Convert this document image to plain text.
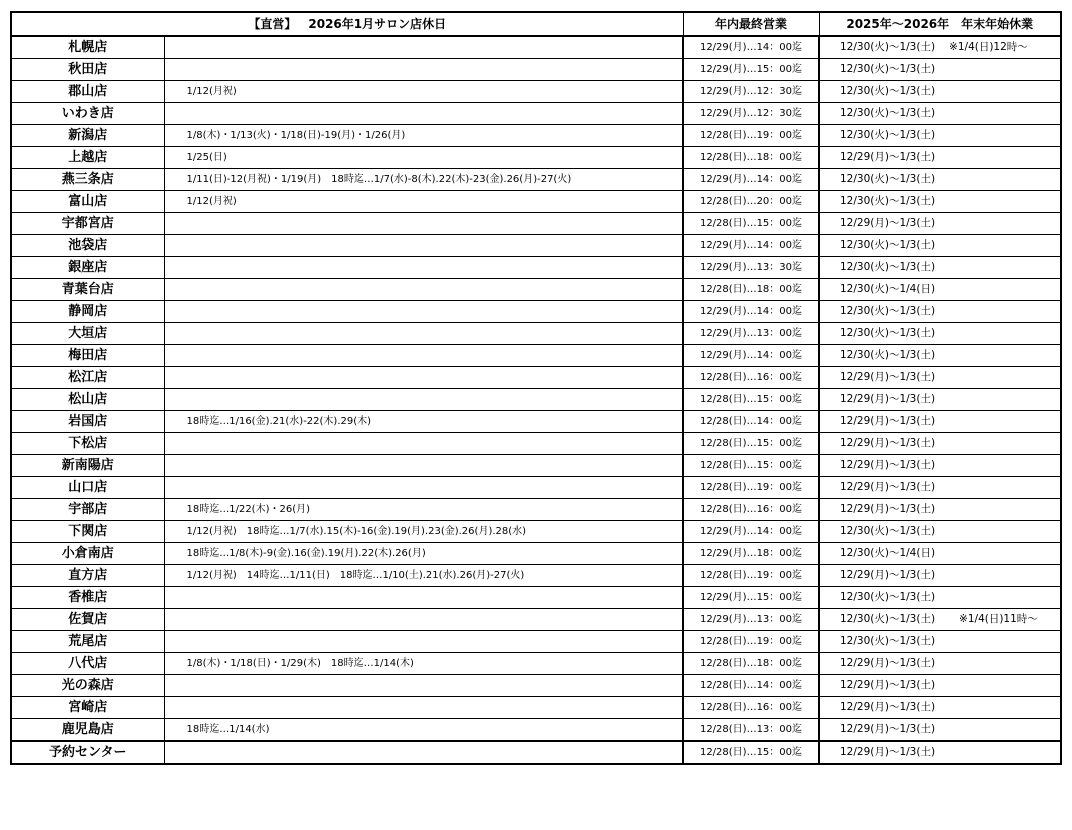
【直営】 2026年1月サロン店休日		年内最終営業	2025年～2026年　年末年始休業
札幌店		12/29(月)…14：00迄	12/30(火)～1/3(土) ※1/4(日)12時～
秋田店		12/29(月)…15：00迄	12/30(火)～1/3(土)
郡山店	1/12(月祝)	12/29(月)…12：30迄	12/30(火)～1/3(土)
いわき店		12/29(月)…12：30迄	12/30(火)～1/3(土)
新潟店	1/8(木)・1/13(火)・1/18(日)-19(月)・1/26(月)	12/28(日)…19：00迄	12/30(火)～1/3(土)
上越店	1/25(日)	12/28(日)…18：00迄	12/29(月)～1/3(土)
燕三条店	1/11(日)-12(月祝)・1/19(月)　18時迄…1/7(水)-8(木).22(木)-23(金).26(月)-27(火)	12/29(月)…14：00迄	12/30(火)～1/3(土)
富山店	1/12(月祝)	12/28(日)…20：00迄	12/30(火)～1/3(土)
宇都宮店		12/28(日)…15：00迄	12/29(月)～1/3(土)
池袋店		12/29(月)…14：00迄	12/30(火)～1/3(土)
銀座店		12/29(月)…13：30迄	12/30(火)～1/3(土)
青葉台店		12/28(日)…18：00迄	12/30(火)～1/4(日)
静岡店		12/29(月)…14：00迄	12/30(火)～1/3(土)
大垣店		12/29(月)…13：00迄	12/30(火)～1/3(土)
梅田店		12/29(月)…14：00迄	12/30(火)～1/3(土)
松江店		12/28(日)…16：00迄	12/29(月)～1/3(土)
松山店		12/28(日)…15：00迄	12/29(月)～1/3(土)
岩国店	18時迄…1/16(金).21(水)-22(木).29(木)	12/28(日)…14：00迄	12/29(月)～1/3(土)
下松店		12/28(日)…15：00迄	12/29(月)～1/3(土)
新南陽店		12/28(日)…15：00迄	12/29(月)～1/3(土)
山口店		12/28(日)…19：00迄	12/29(月)～1/3(土)
宇部店	18時迄…1/22(木)・26(月)	12/28(日)…16：00迄	12/29(月)～1/3(土)
下関店	1/12(月祝)　18時迄…1/7(水).15(木)-16(金).19(月).23(金).26(月).28(水)	12/29(月)…14：00迄	12/30(火)～1/3(土)
小倉南店	18時迄…1/8(木)-9(金).16(金).19(月).22(木).26(月)	12/29(月)…18：00迄	12/30(火)～1/4(日)
直方店	1/12(月祝)　14時迄…1/11(日)　18時迄…1/10(土).21(水).26(月)-27(火)	12/28(日)…19：00迄	12/29(月)～1/3(土)
香椎店		12/29(月)…15：00迄	12/30(火)～1/3(土)
佐賀店		12/29(月)…13：00迄	12/30(火)～1/3(土) ※1/4(日)11時～
荒尾店		12/28(日)…19：00迄	12/30(火)～1/3(土)
八代店	1/8(木)・1/18(日)・1/29(木)　18時迄…1/14(木)	12/28(日)…18：00迄	12/29(月)～1/3(土)
光の森店		12/28(日)…14：00迄	12/29(月)～1/3(土)
宮崎店		12/28(日)…16：00迄	12/29(月)～1/3(土)
鹿児島店	18時迄…1/14(水)	12/28(日)…13：00迄	12/29(月)～1/3(土)
予約センター		12/28(日)…15：00迄	12/29(月)～1/3(土)
